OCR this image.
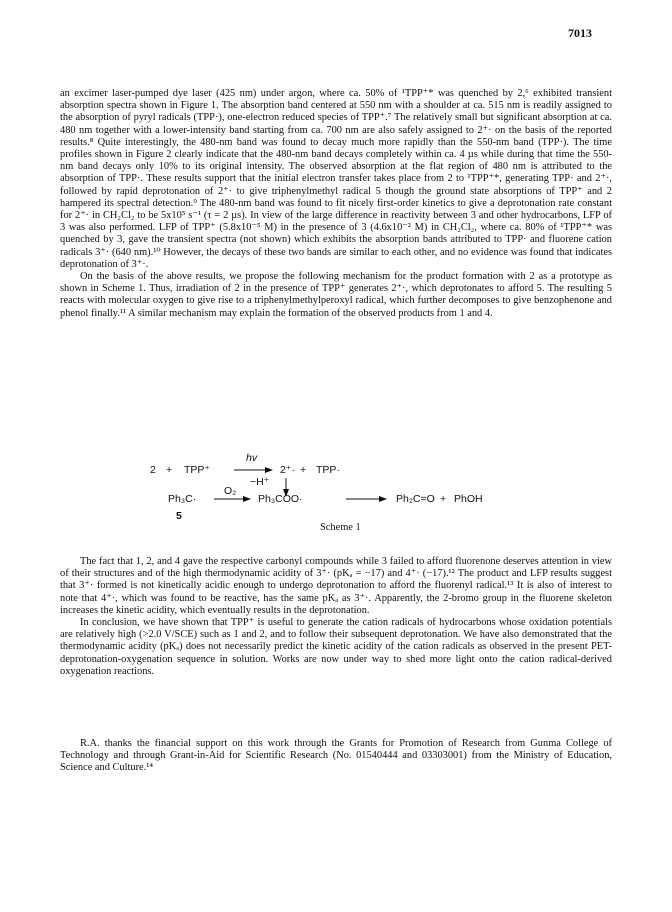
7013

an excimer laser-pumped dye laser (425 nm) under argon, where ca. 50% of ¹TPP⁺* was quenched by 2,⁶ exhibited transient absorption spectra shown in Figure 1. The absorption band centered at 550 nm with a shoulder at ca. 515 nm is readily assigned to the absorption of pyryl radicals (TPP·), one-electron reduced species of TPP⁺.⁷ The relatively small but significant absorption at ca. 480 nm together with a lower-intensity band starting from ca. 700 nm are also safely assigned to 2⁺· on the basis of the reported results.⁸ Quite interestingly, the 480-nm band was found to decay much more rapidly than the 550-nm band (TPP·). The time profiles shown in Figure 2 clearly indicate that the 480-nm band decays completely within ca. 4 µs while during that time the 550-nm band decays only 10% to its original intensity. The observed absorption at the flat region of 480 nm is attributed to the absorption of TPP·. These results support that the initial electron transfer takes place from 2 to ¹TPP⁺*, generating TPP· and 2⁺·, followed by rapid deprotonation of 2⁺· to give triphenylmethyl radical 5 though the ground state absorptions of TPP⁺ and 2 hampered its spectral detection.⁹ The 480-nm band was found to fit nicely first-order kinetics to give a deprotonation rate constant for 2⁺· in CH₂Cl₂ to be 5x10⁵ s⁻¹ (τ = 2 µs). In view of the large difference in reactivity between 3 and other hydrocarbons, LFP of 3 was also performed. LFP of TPP⁺ (5.8x10⁻⁵ M) in the presence of 3 (4.6x10⁻² M) in CH₂Cl₂, where ca. 80% of ¹TPP⁺* was quenched by 3, gave the transient spectra (not shown) which exhibits the absorption bands attributed to TPP· and fluorene cation radicals 3⁺· (640 nm).¹⁰ However, the decays of these two bands are similar to each other, and no evidence was found that indicates deprotonation of 3⁺·.

On the basis of the above results, we propose the following mechanism for the product formation with 2 as a prototype as shown in Scheme 1. Thus, irradiation of 2 in the presence of TPP⁺ generates 2⁺·, which deprotonates to afford 5. The resulting 5 reacts with molecular oxygen to give rise to a triphenylmethylperoxyl radical, which further decomposes to give benzophenone and phenol finally.¹¹ A similar mechanism may explain the formation of the observed products from 1 and 4.

2 + TPP⁺
hv
2⁺· + TPP·
−H⁺
O₂
Ph₃C·	Ph₃COO·	Ph₂C=O + PhOH
5
Scheme 1

The fact that 1, 2, and 4 gave the respective carbonyl compounds while 3 failed to afford fluorenone deserves attention in view of their structures and of the high thermodynamic acidity of 3⁺· (pKₐ = −17) and 4⁺· (−17).¹² The product and LFP results suggest that 3⁺· formed is not kinetically acidic enough to undergo deprotonation to afford the fluorenyl radical.¹³ It is also of interest to note that 4⁺·, which was found to be reactive, has the same pKₐ as 3⁺·. Apparently, the 2-bromo group in the fluorene skeleton increases the kinetic acidity, which eventually results in the deprotonation.

In conclusion, we have shown that TPP⁺ is useful to generate the cation radicals of hydrocarbons whose oxidation potentials are relatively high (>2.0 V/SCE) such as 1 and 2, and to follow their subsequent deprotonation. We have also demonstrated that the thermodynamic acidity (pKₐ) does not necessarily predict the kinetic acidity of the cation radicals as observed in the present PET-deprotonation-oxygenation sequence in solution. Works are now under way to shed more light onto the cation radical-derived oxygenation reactions.

R.A. thanks the financial support on this work through the Grants for Promotion of Research from Gunma College of Technology and through Grant-in-Aid for Scientific Research (No. 01540444 and 03303001) from the Ministry of Education, Science and Culture.¹⁴
